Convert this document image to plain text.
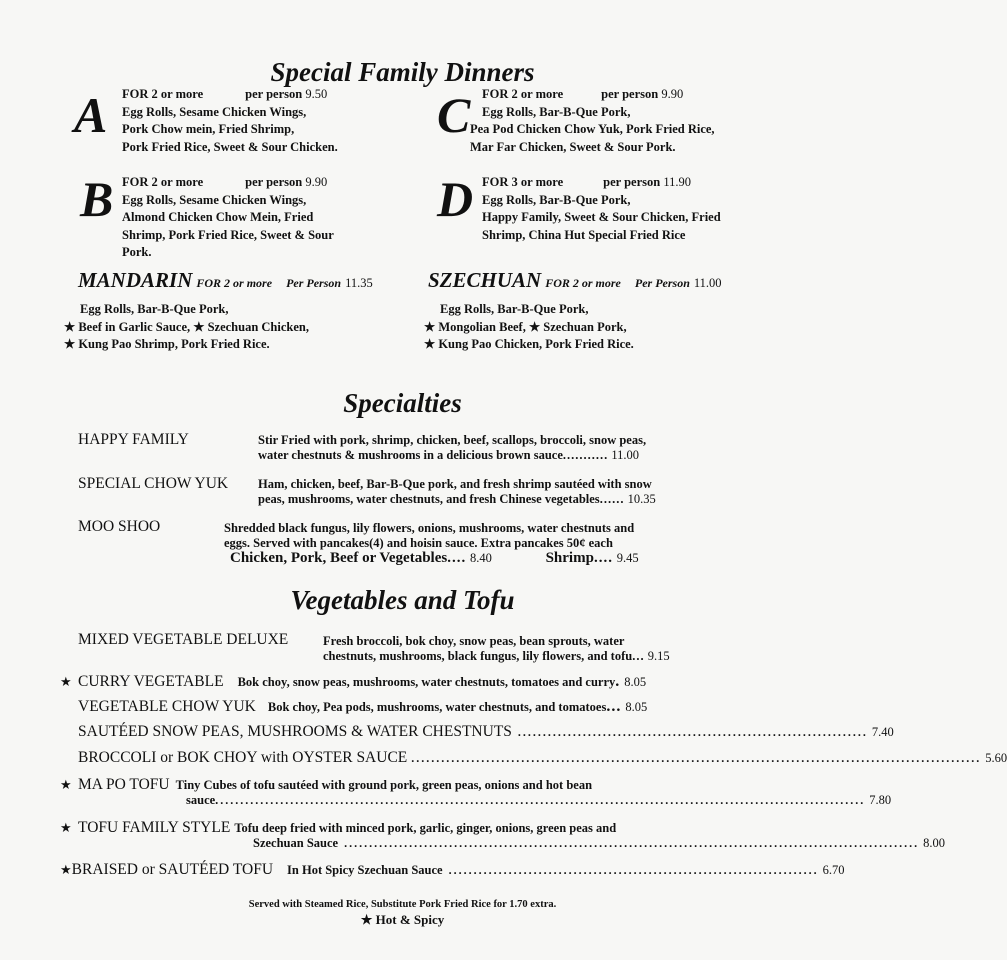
Special Family Dinners
A FOR 2 or more	per person 9.50
Egg Rolls, Sesame Chicken Wings,
Pork Chow mein, Fried Shrimp,
Pork Fried Rice, Sweet & Sour Chicken.
C FOR 2 or more	per person 9.90
Egg Rolls, Bar-B-Que Pork,
Pea Pod Chicken Chow Yuk, Pork Fried Rice,
Mar Far Chicken, Sweet & Sour Pork.
B FOR 2 or more	per person 9.90
Egg Rolls, Sesame Chicken Wings,
Almond Chicken Chow Mein, Fried
Shrimp, Pork Fried Rice, Sweet & Sour
Pork.
D FOR 3 or more	per person 11.90
Egg Rolls, Bar-B-Que Pork,
Happy Family, Sweet & Sour Chicken, Fried
Shrimp, China Hut Special Fried Rice
MANDARIN FOR 2 or more Per Person 11.35
Egg Rolls, Bar-B-Que Pork,
★ Beef in Garlic Sauce, ★ Szechuan Chicken,
★ Kung Pao Shrimp, Pork Fried Rice.
SZECHUAN FOR 2 or more Per Person 11.00
Egg Rolls, Bar-B-Que Pork,
★ Mongolian Beef, ★ Szechuan Pork,
★ Kung Pao Chicken, Pork Fried Rice.
Specialties
HAPPY FAMILY	Stir Fried with pork, shrimp, chicken, beef, scallops, broccoli, snow peas,
water chestnuts & mushrooms in a delicious brown sauce........... 11.00
SPECIAL CHOW YUK Ham, chicken, beef, Bar-B-Que pork, and fresh shrimp sautéed with snow
peas, mushrooms, water chestnuts, and fresh Chinese vegetables...... 10.35
MOO SHOO	Shredded black fungus, lily flowers, onions, mushrooms, water chestnuts and
eggs. Served with pancakes(4) and hoisin sauce. Extra pancakes 50¢ each
Chicken, Pork, Beef or Vegetables.... 8.40	Shrimp.... 9.45
Vegetables and Tofu
MIXED VEGETABLE DELUXE	Fresh broccoli, bok choy, snow peas, bean sprouts, water
chestnuts, mushrooms, black fungus, lily flowers, and tofu... 9.15
★ CURRY VEGETABLE Bok choy, snow peas, mushrooms, water chestnuts, tomatoes and curry . 8.05
VEGETABLE CHOW YUK Bok choy, Pea pods, mushrooms, water chestnuts, and tomatoes ... 8.05
SAUTÉED SNOW PEAS, MUSHROOMS & WATER CHESTNUTS ...................................................................... 7.40
BROCCOLI or BOK CHOY with OYSTER SAUCE .................................................................................................................. 5.60
★ MA PO TOFU Tiny Cubes of tofu sautéed with ground pork, green peas, onions and hot bean
sauce. ................................................................................................................................. 7.80
★ TOFU FAMILY STYLE Tofu deep fried with minced pork, garlic, ginger, onions, green peas and
Szechuan Sauce ................................................................................................................... 8.00
★ BRAISED or SAUTÉED TOFU In Hot Spicy Szechuan Sauce .......................................................................... 6.70
Served with Steamed Rice, Substitute Pork Fried Rice for 1.70 extra.
★ Hot & Spicy
